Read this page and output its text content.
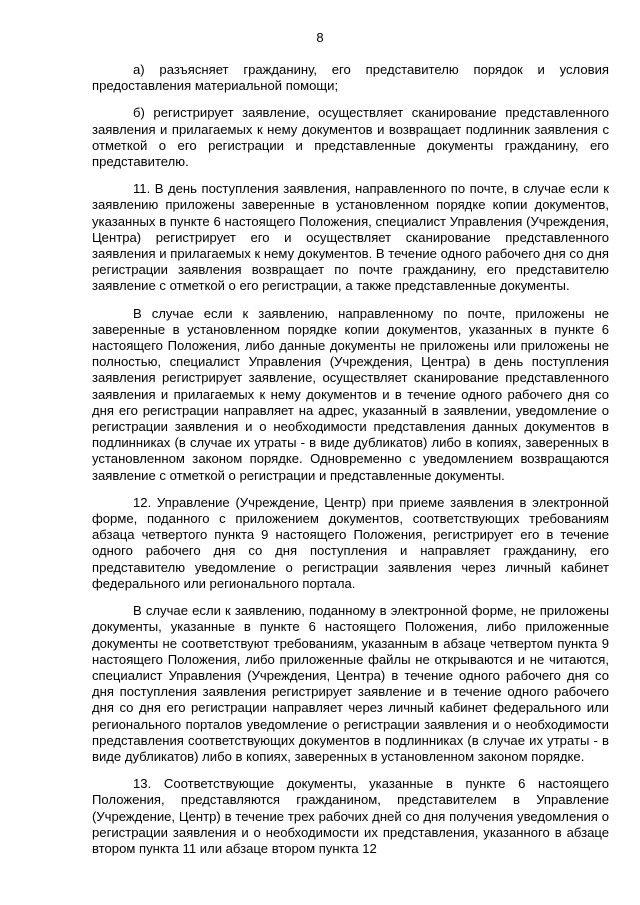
8

а) разъясняет гражданину, его представителю порядок и условия предоставления материальной помощи;

б) регистрирует заявление, осуществляет сканирование представленного заявления и прилагаемых к нему документов и возвращает подлинник заявления с отметкой о его регистрации и представленные документы гражданину, его представителю.

11. В день поступления заявления, направленного по почте, в случае если к заявлению приложены заверенные в установленном порядке копии документов, указанных в пункте 6 настоящего Положения, специалист Управления (Учреждения, Центра) регистрирует его и осуществляет сканирование представленного заявления и прилагаемых к нему документов. В течение одного рабочего дня со дня регистрации заявления возвращает по почте гражданину, его представителю заявление с отметкой о его регистрации, а также представленные документы.

В случае если к заявлению, направленному по почте, приложены не заверенные в установленном порядке копии документов, указанных в пункте 6 настоящего Положения, либо данные документы не приложены или приложены не полностью, специалист Управления (Учреждения, Центра) в день поступления заявления регистрирует заявление, осуществляет сканирование представленного заявления и прилагаемых к нему документов и в течение одного рабочего дня со дня его регистрации направляет на адрес, указанный в заявлении, уведомление о регистрации заявления и о необходимости представления данных документов в подлинниках (в случае их утраты - в виде дубликатов) либо в копиях, заверенных в установленном законом порядке. Одновременно с уведомлением возвращаются заявление с отметкой о регистрации и представленные документы.

12. Управление (Учреждение, Центр) при приеме заявления в электронной форме, поданного с приложением документов, соответствующих требованиям абзаца четвертого пункта 9 настоящего Положения, регистрирует его в течение одного рабочего дня со дня поступления и направляет гражданину, его представителю уведомление о регистрации заявления через личный кабинет федерального или регионального портала.

В случае если к заявлению, поданному в электронной форме, не приложены документы, указанные в пункте 6 настоящего Положения, либо приложенные документы не соответствуют требованиям, указанным в абзаце четвертом пункта 9 настоящего Положения, либо приложенные файлы не открываются и не читаются, специалист Управления (Учреждения, Центра) в течение одного рабочего дня со дня поступления заявления регистрирует заявление и в течение одного рабочего дня со дня его регистрации направляет через личный кабинет федерального или регионального порталов уведомление о регистрации заявления и о необходимости представления соответствующих документов в подлинниках (в случае их утраты - в виде дубликатов) либо в копиях, заверенных в установленном законом порядке.

13. Соответствующие документы, указанные в пункте 6 настоящего Положения, представляются гражданином, представителем в Управление (Учреждение, Центр) в течение трех рабочих дней со дня получения уведомления о регистрации заявления и о необходимости их представления, указанного в абзаце втором пункта 11 или абзаце втором пункта 12
